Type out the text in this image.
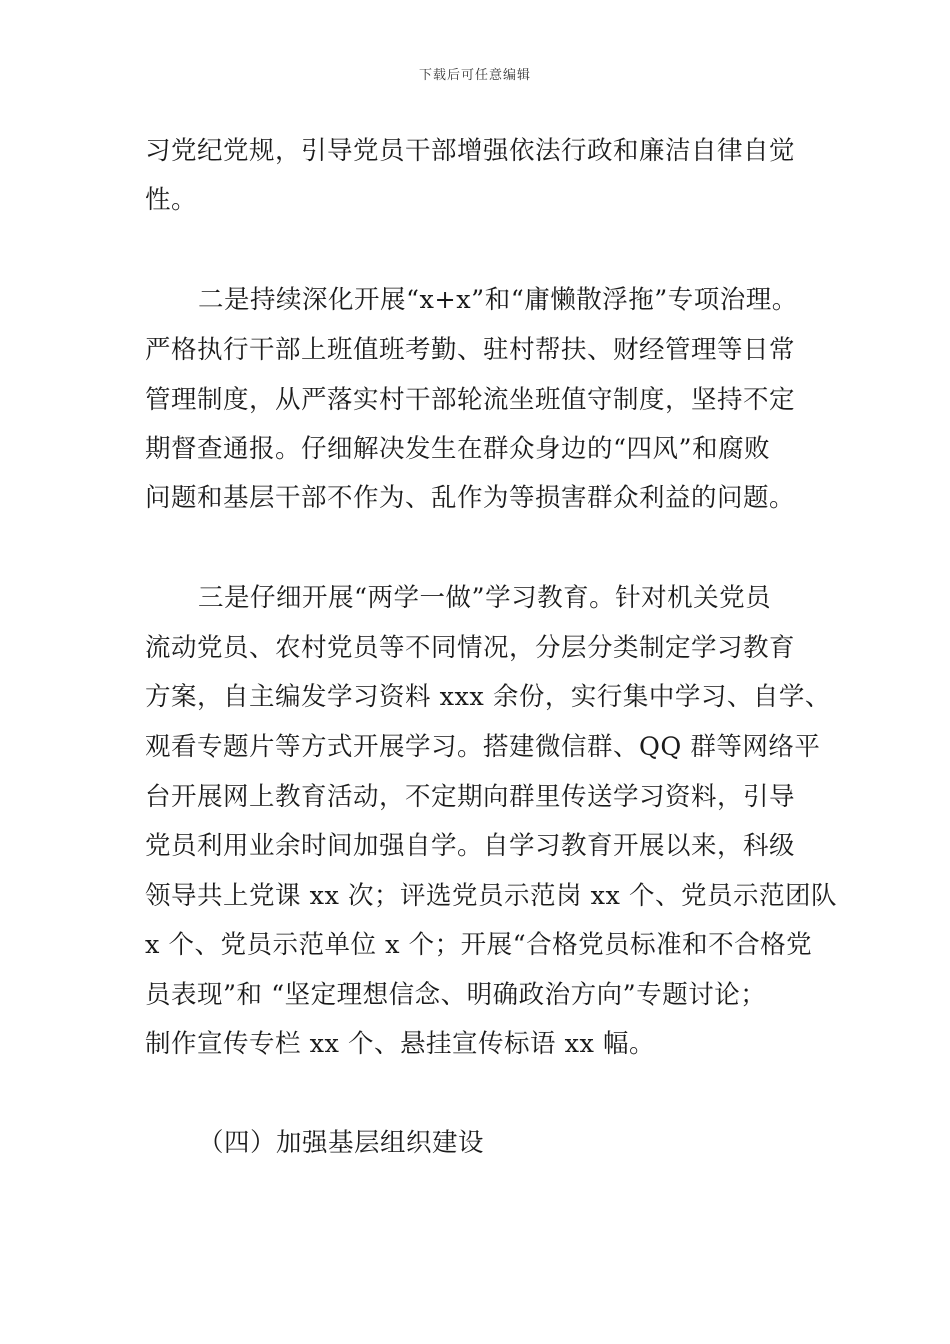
下载后可任意编辑
习党纪党规，引导党员干部增强依法行政和廉洁自律自觉
性。
二是持续深化开展“x+x”和“庸懒散浮拖”专项治理。
严格执行干部上班值班考勤、驻村帮扶、财经管理等日常
管理制度，从严落实村干部轮流坐班值守制度，坚持不定
期督查通报。仔细解决发生在群众身边的“四风”和腐败
问题和基层干部不作为、乱作为等损害群众利益的问题。
三是仔细开展“两学一做”学习教育。针对机关党员
流动党员、农村党员等不同情况，分层分类制定学习教育
方案，自主编发学习资料 xxx 余份，实行集中学习、自学、
观看专题片等方式开展学习。搭建微信群、QQ 群等网络平
台开展网上教育活动，不定期向群里传送学习资料，引导
党员利用业余时间加强自学。自学习教育开展以来，科级
领导共上党课 xx 次；评选党员示范岗 xx 个、党员示范团队
x 个、党员示范单位 x 个；开展“合格党员标准和不合格党
员表现”和 “坚定理想信念、明确政治方向”专题讨论；
制作宣传专栏 xx 个、悬挂宣传标语 xx 幅。
（四）加强基层组织建设
